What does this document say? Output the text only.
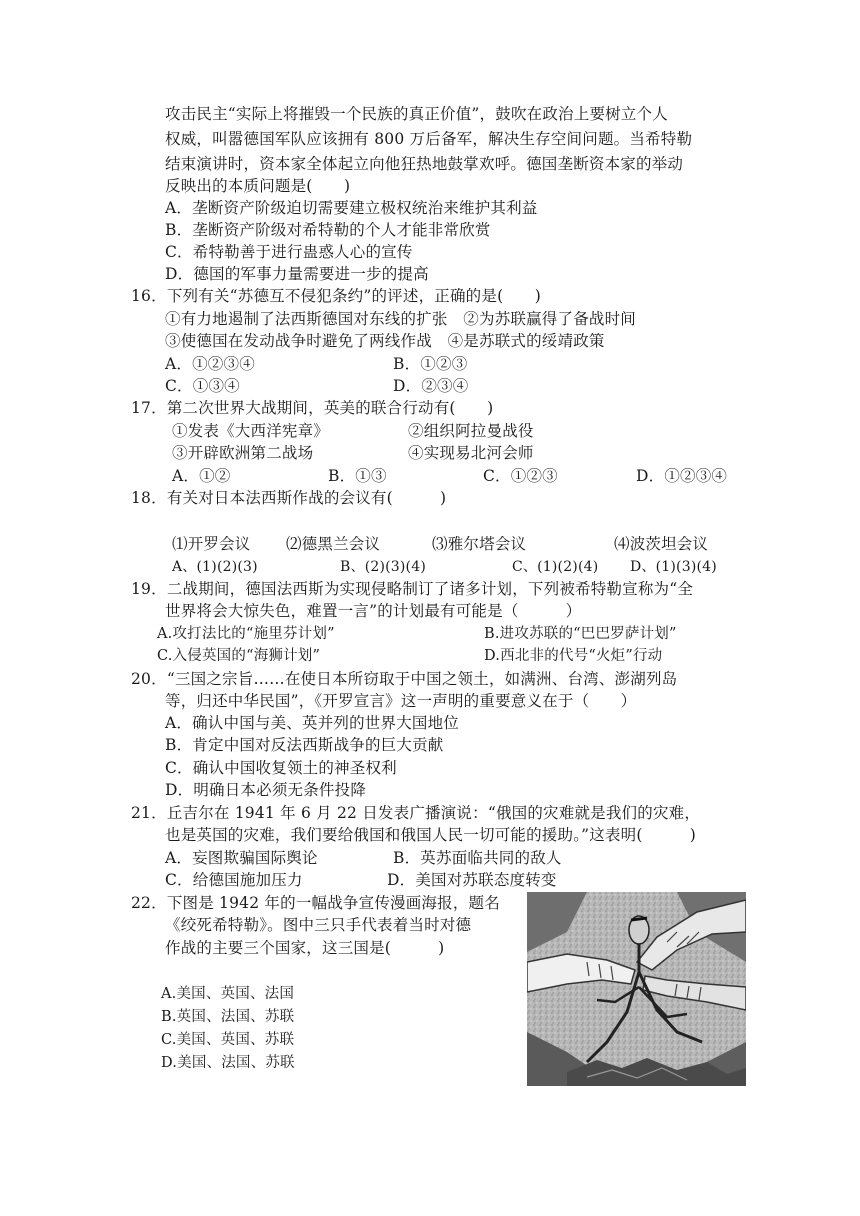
攻击民主“实际上将摧毁一个民族的真正价值”，鼓吹在政治上要树立个人
权威，叫嚣德国军队应该拥有 800 万后备军，解决生存空间问题。当希特勒
结束演讲时，资本家全体起立向他狂热地鼓掌欢呼。德国垄断资本家的举动
反映出的本质问题是(　　)
A．垄断资产阶级迫切需要建立极权统治来维护其利益
B．垄断资产阶级对希特勒的个人才能非常欣赏
C．希特勒善于进行蛊惑人心的宣传
D．德国的军事力量需要进一步的提高
16．下列有关“苏德互不侵犯条约”的评述，正确的是(　　)
①有力地遏制了法西斯德国对东线的扩张　②为苏联赢得了备战时间
③使德国在发动战争时避免了两线作战　④是苏联式的绥靖政策
A．①②③④	B．①②③
C．①③④	D．②③④
17．第二次世界大战期间，英美的联合行动有(　　)
①发表《大西洋宪章》	②组织阿拉曼战役
③开辟欧洲第二战场	④实现易北河会师
A．①②	B．①③	C．①②③	D．①②③④
18．有关对日本法西斯作战的会议有(　　　)
⑴开罗会议 ⑵德黑兰会议	⑶雅尔塔会议	⑷波茨坦会议
A、(1)(2)(3)	B、(2)(3)(4)	C、(1)(2)(4) D、(1)(3)(4)
19．二战期间，德国法西斯为实现侵略制订了诸多计划，下列被希特勒宣称为“全
世界将会大惊失色，难置一言”的计划最有可能是（　　　）
A.攻打法比的“施里芬计划”	B.进攻苏联的“巴巴罗萨计划”
C.入侵英国的“海狮计划”	D.西北非的代号“火炬”行动
20．“三国之宗旨……在使日本所窃取于中国之领土，如满洲、台湾、澎湖列岛
等，归还中华民国”，《开罗宣言》这一声明的重要意义在于（　　）
A．确认中国与美、英并列的世界大国地位
B．肯定中国对反法西斯战争的巨大贡献
C．确认中国收复领土的神圣权利
D．明确日本必须无条件投降
21．丘吉尔在 1941 年 6 月 22 日发表广播演说：“俄国的灾难就是我们的灾难，
也是英国的灾难，我们要给俄国和俄国人民一切可能的援助。”这表明(　　　)
A．妄图欺骗国际舆论	B．英苏面临共同的敌人
C．给德国施加压力	D．美国对苏联态度转变
22．下图是 1942 年的一幅战争宣传漫画海报，题名
《绞死希特勒》。图中三只手代表着当时对德
作战的主要三个国家，这三国是(　　　)
A.美国、英国、法国
B.英国、法国、苏联
C.美国、英国、苏联
D.美国、法国、苏联
